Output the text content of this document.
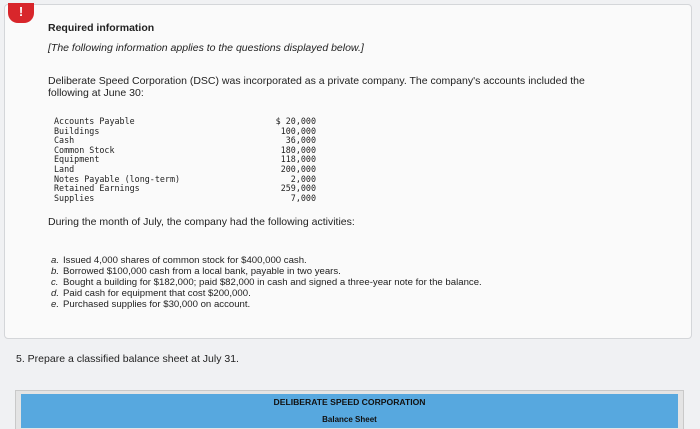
!
Required information
[The following information applies to the questions displayed below.]
Deliberate Speed Corporation (DSC) was incorporated as a private company. The company's accounts included the following at June 30:
Accounts Payable	$ 20,000
Buildings	100,000
Cash	36,000
Common Stock	180,000
Equipment	118,000
Land	200,000
Notes Payable (long-term)	2,000
Retained Earnings	259,000
Supplies	7,000
During the month of July, the company had the following activities:
a. Issued 4,000 shares of common stock for $400,000 cash.
b. Borrowed $100,000 cash from a local bank, payable in two years.
c. Bought a building for $182,000; paid $82,000 in cash and signed a three-year note for the balance.
d. Paid cash for equipment that cost $200,000.
e. Purchased supplies for $30,000 on account.
5. Prepare a classified balance sheet at July 31.
DELIBERATE SPEED CORPORATION
Balance Sheet
